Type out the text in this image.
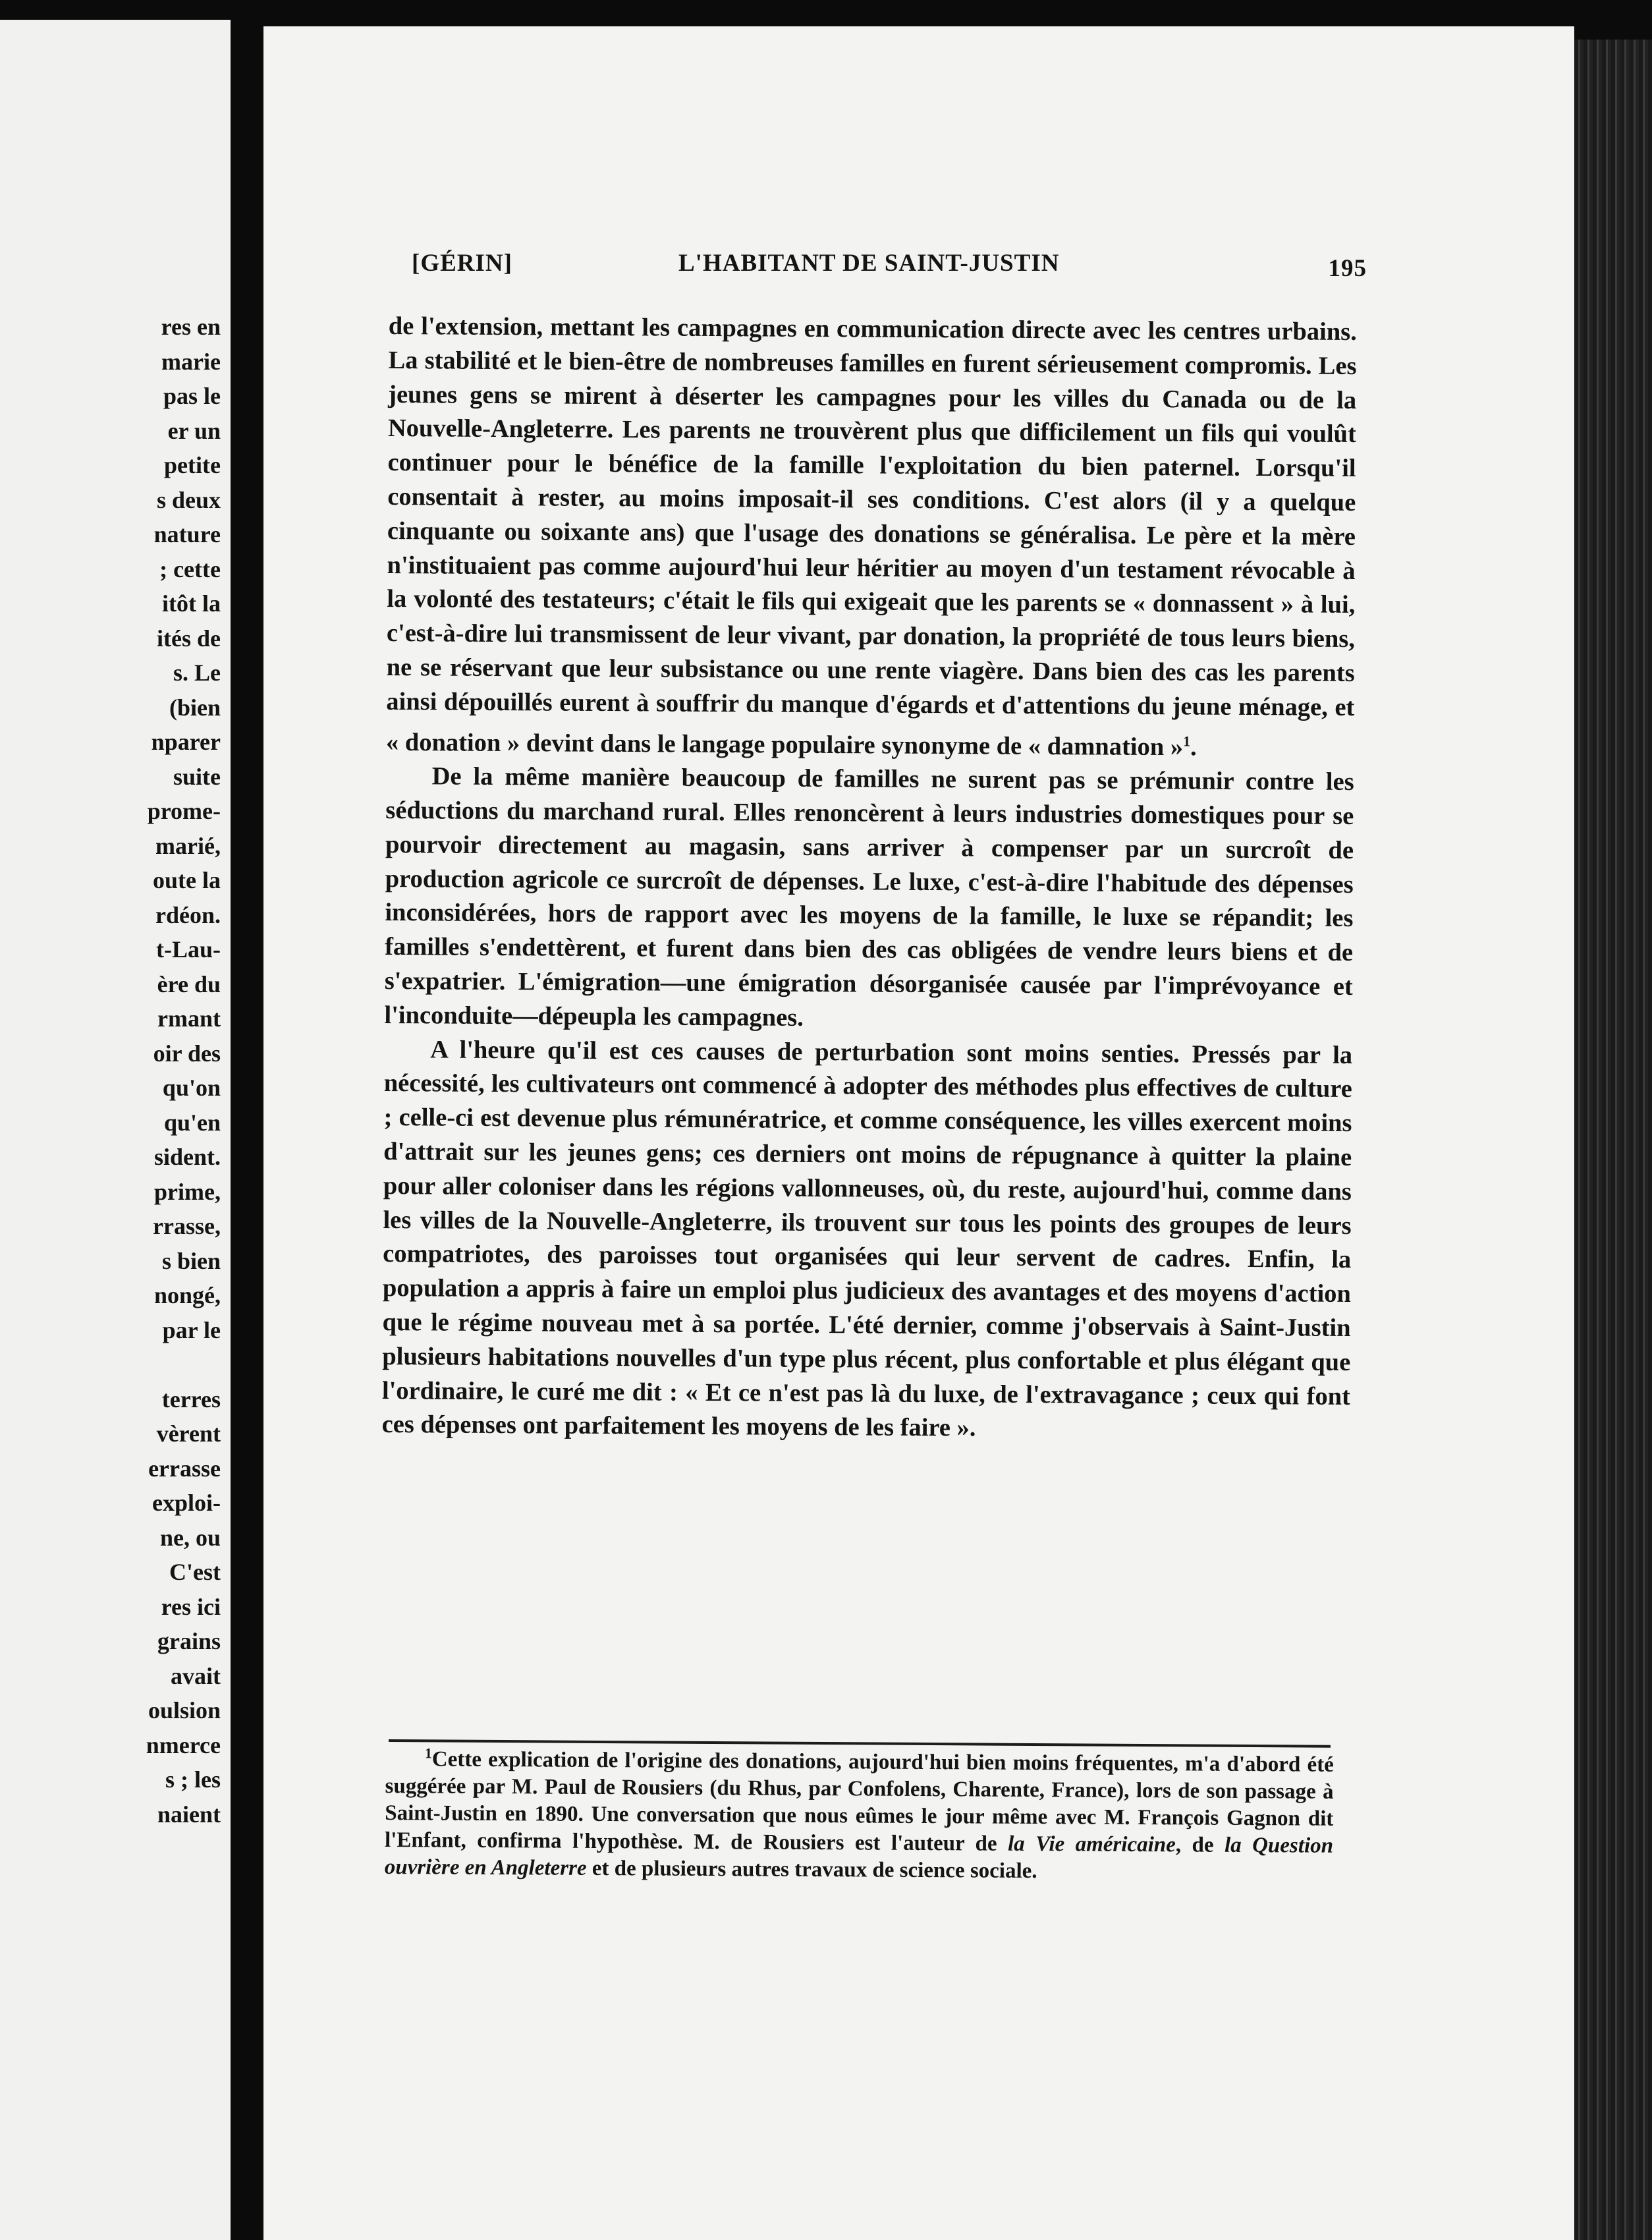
res en
marie
pas le
er un
petite
s deux
nature
; cette
itôt la
ités de
s. Le
(bien
nparer
suite
prome-
marié,
oute la
rdéon.
t-Lau-
ère du
rmant
oir des
qu'on
qu'en
sident.
prime,
rrasse,
s bien
nongé,
par le

terres
vèrent
errasse
exploi-
ne, ou
C'est
res ici
grains
avait
oulsion
nmerce
s ; les
naient
[GÉRIN]	L'HABITANT DE SAINT-JUSTIN	195

de l'extension, mettant les campagnes en communication directe avec les centres urbains. La stabilité et le bien-être de nombreuses familles en furent sérieusement compromis. Les jeunes gens se mirent à déserter les campagnes pour les villes du Canada ou de la Nouvelle-Angleterre. Les parents ne trouvèrent plus que difficilement un fils qui voulût continuer pour le bénéfice de la famille l'exploitation du bien paternel. Lorsqu'il consentait à rester, au moins imposait-il ses conditions. C'est alors (il y a quelque cinquante ou soixante ans) que l'usage des donations se généralisa. Le père et la mère n'instituaient pas comme aujourd'hui leur héritier au moyen d'un testament révocable à la volonté des testateurs; c'était le fils qui exigeait que les parents se « donnassent » à lui, c'est-à-dire lui transmissent de leur vivant, par donation, la propriété de tous leurs biens, ne se réservant que leur subsistance ou une rente viagère. Dans bien des cas les parents ainsi dépouillés eurent à souffrir du manque d'égards et d'attentions du jeune ménage, et « donation » devint dans le langage populaire synonyme de « damnation »$^1$.

De la même manière beaucoup de familles ne surent pas se prémunir contre les séductions du marchand rural. Elles renoncèrent à leurs industries domestiques pour se pourvoir directement au magasin, sans arriver à compenser par un surcroît de production agricole ce surcroît de dépenses. Le luxe, c'est-à-dire l'habitude des dépenses inconsidérées, hors de rapport avec les moyens de la famille, le luxe se répandit; les familles s'endettèrent, et furent dans bien des cas obligées de vendre leurs biens et de s'expatrier. L'émigration—une émigration désorganisée causée par l'imprévoyance et l'inconduite—dépeupla les campagnes.

A l'heure qu'il est ces causes de perturbation sont moins senties. Pressés par la nécessité, les cultivateurs ont commencé à adopter des méthodes plus effectives de culture ; celle-ci est devenue plus rémunératrice, et comme conséquence, les villes exercent moins d'attrait sur les jeunes gens; ces derniers ont moins de répugnance à quitter la plaine pour aller coloniser dans les régions vallonneuses, où, du reste, aujourd'hui, comme dans les villes de la Nouvelle-Angleterre, ils trouvent sur tous les points des groupes de leurs compatriotes, des paroisses tout organisées qui leur servent de cadres. Enfin, la population a appris à faire un emploi plus judicieux des avantages et des moyens d'action que le régime nouveau met à sa portée. L'été dernier, comme j'observais à Saint-Justin plusieurs habitations nouvelles d'un type plus récent, plus confortable et plus élégant que l'ordinaire, le curé me dit : « Et ce n'est pas là du luxe, de l'extravagance ; ceux qui font ces dépenses ont parfaitement les moyens de les faire ».

$^1$Cette explication de l'origine des donations, aujourd'hui bien moins fréquentes, m'a d'abord été suggérée par M. Paul de Rousiers (du Rhus, par Confolens, Charente, France), lors de son passage à Saint-Justin en 1890. Une conversation que nous eûmes le jour même avec M. François Gagnon dit l'Enfant, confirma l'hypothèse. M. de Rousiers est l'auteur de la Vie américaine, de la Question ouvrière en Angleterre et de plusieurs autres travaux de science sociale.
